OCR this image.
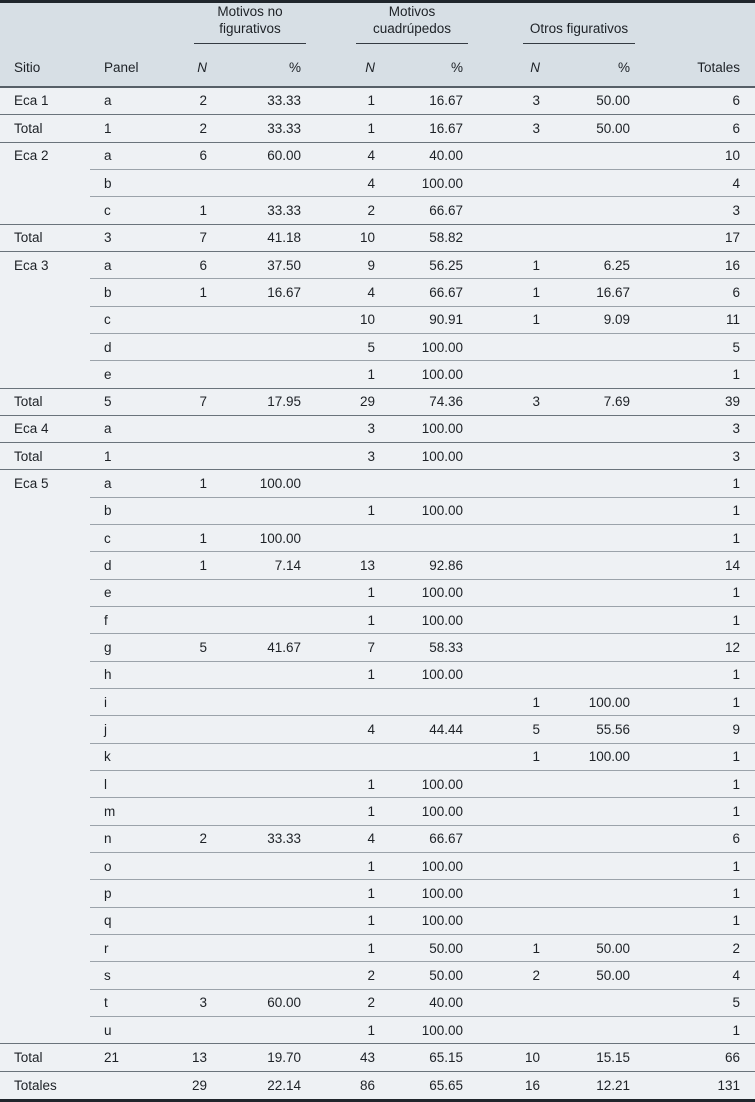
		Motivos no figurativos		Motivos cuadrúpedos		Otros figurativos		

Sitio	Panel	N	%	N	%	N	%	Totales
Eca 1	a	2	33.33	1	16.67	3	50.00	6
Total	1	2	33.33	1	16.67	3	50.00	6
Eca 2	a	6	60.00	4	40.00			10
	b			4	100.00			4
	c	1	33.33	2	66.67			3
Total	3	7	41.18	10	58.82			17
Eca 3	a	6	37.50	9	56.25	1	6.25	16
	b	1	16.67	4	66.67	1	16.67	6
	c			10	90.91	1	9.09	11
	d			5	100.00			5
	e			1	100.00			1
Total	5	7	17.95	29	74.36	3	7.69	39
Eca 4	a			3	100.00			3
Total	1			3	100.00			3
Eca 5	a	1	100.00					1
	b			1	100.00			1
	c	1	100.00					1
	d	1	7.14	13	92.86			14
	e			1	100.00			1
	f			1	100.00			1
	g	5	41.67	7	58.33			12
	h			1	100.00			1
	i					1	100.00	1
	j			4	44.44	5	55.56	9
	k					1	100.00	1
	l			1	100.00			1
	m			1	100.00			1
	n	2	33.33	4	66.67			6
	o			1	100.00			1
	p			1	100.00			1
	q			1	100.00			1
	r			1	50.00	1	50.00	2
	s			2	50.00	2	50.00	4
	t	3	60.00	2	40.00			5
	u			1	100.00			1
Total	21	13	19.70	43	65.15	10	15.15	66
Totales		29	22.14	86	65.65	16	12.21	131
